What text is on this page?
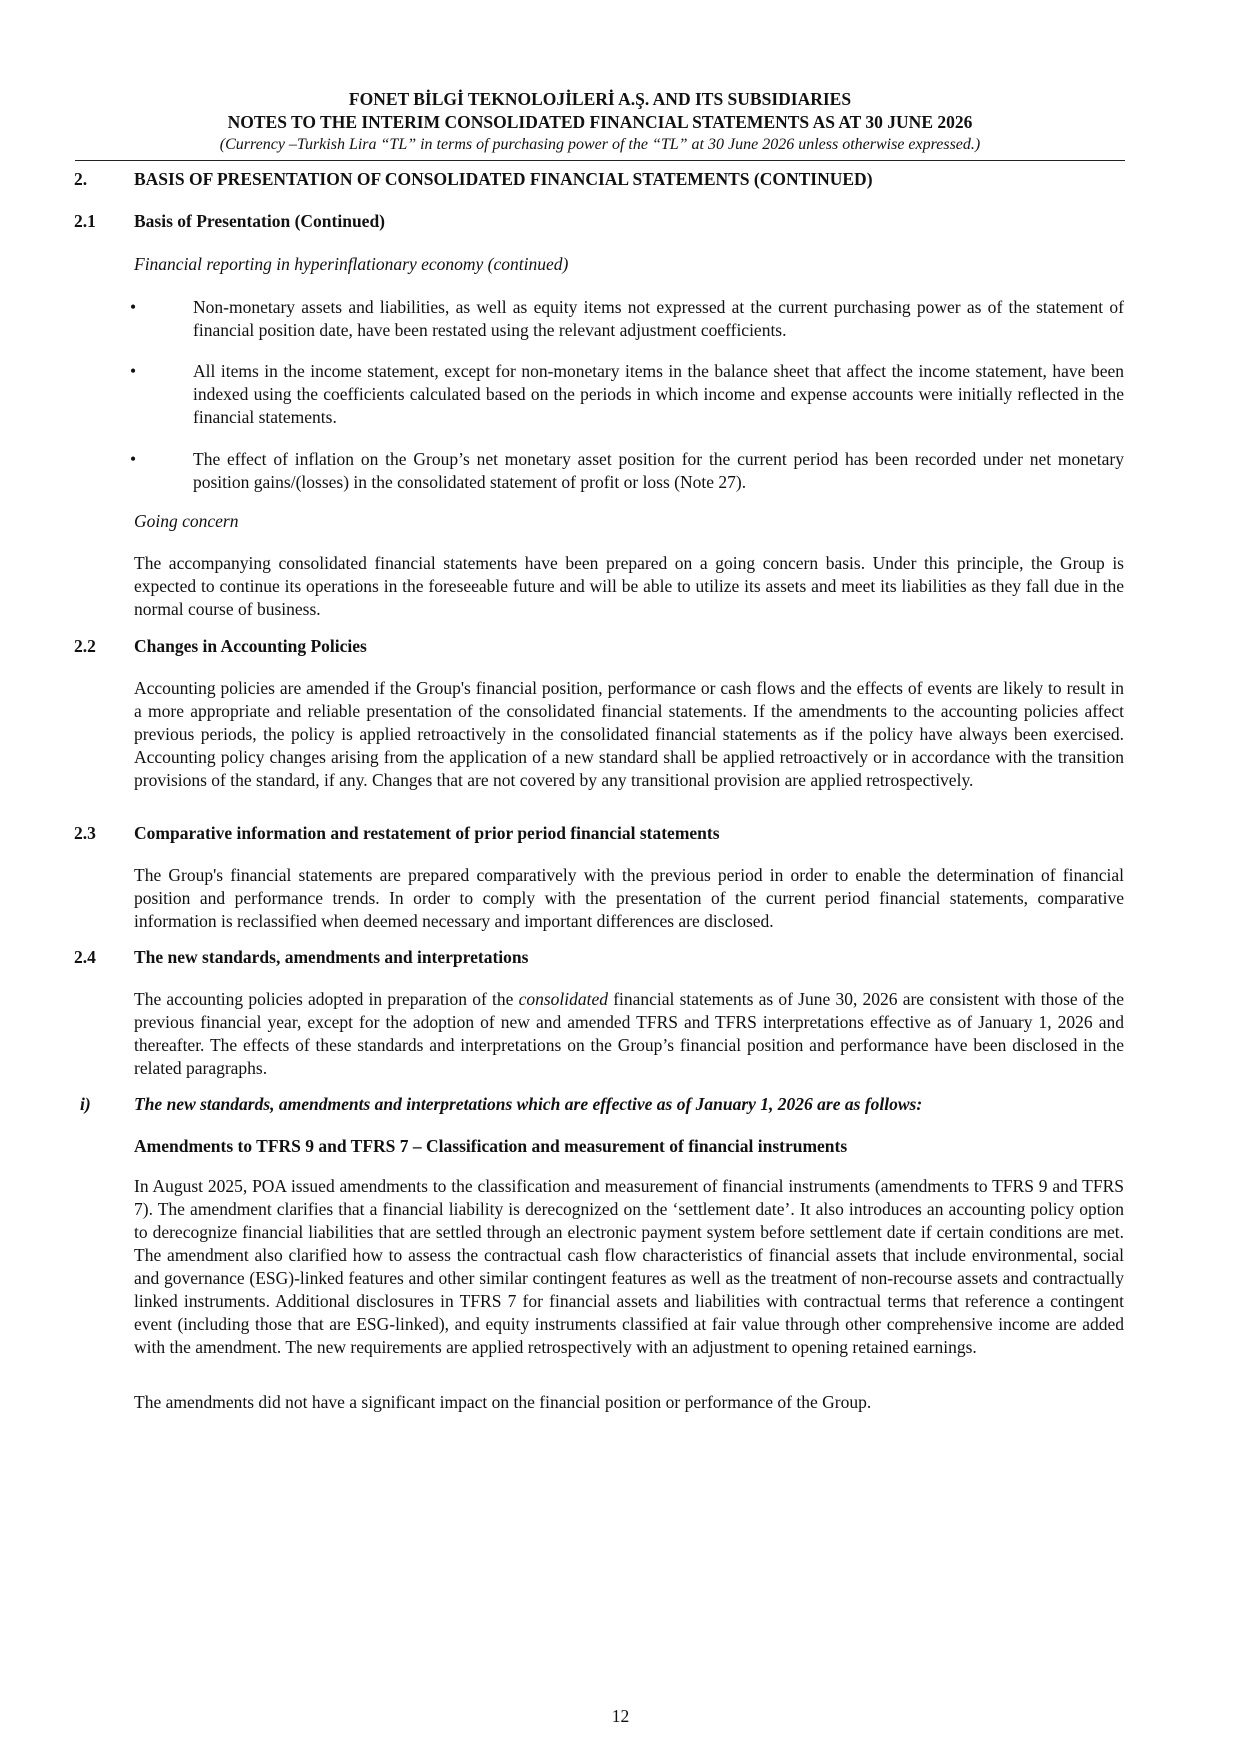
FONET BİLGİ TEKNOLOJİLERİ A.Ş. AND ITS SUBSIDIARIES
NOTES TO THE INTERIM CONSOLIDATED FINANCIAL STATEMENTS AS AT 30 JUNE 2026
(Currency –Turkish Lira “TL” in terms of purchasing power of the “TL” at 30 June 2026 unless otherwise expressed.)
2.	BASIS OF PRESENTATION OF CONSOLIDATED FINANCIAL STATEMENTS (CONTINUED)
2.1 Basis of Presentation (Continued)
Financial reporting in hyperinflationary economy (continued)
•	Non-monetary assets and liabilities, as well as equity items not expressed at the current purchasing power as of the statement of financial position date, have been restated using the relevant adjustment coefficients.

•	All items in the income statement, except for non-monetary items in the balance sheet that affect the income statement, have been indexed using the coefficients calculated based on the periods in which income and expense accounts were initially reflected in the financial statements.

•	The effect of inflation on the Group’s net monetary asset position for the current period has been recorded under net monetary position gains/(losses) in the consolidated statement of profit or loss (Note 27).

Going concern

The accompanying consolidated financial statements have been prepared on a going concern basis. Under this principle, the Group is expected to continue its operations in the foreseeable future and will be able to utilize its assets and meet its liabilities as they fall due in the normal course of business.

2.2 Changes in Accounting Policies

Accounting policies are amended if the Group's financial position, performance or cash flows and the effects of events are likely to result in a more appropriate and reliable presentation of the consolidated financial statements. If the amendments to the accounting policies affect previous periods, the policy is applied retroactively in the consolidated financial statements as if the policy have always been exercised. Accounting policy changes arising from the application of a new standard shall be applied retroactively or in accordance with the transition provisions of the standard, if any. Changes that are not covered by any transitional provision are applied retrospectively.

2.3 Comparative information and restatement of prior period financial statements

The Group's financial statements are prepared comparatively with the previous period in order to enable the determination of financial position and performance trends. In order to comply with the presentation of the current period financial statements, comparative information is reclassified when deemed necessary and important differences are disclosed.

2.4 The new standards, amendments and interpretations

The accounting policies adopted in preparation of the consolidated financial statements as of June 30, 2026 are consistent with those of the previous financial year, except for the adoption of new and amended TFRS and TFRS interpretations effective as of January 1, 2026 and thereafter. The effects of these standards and interpretations on the Group’s financial position and performance have been disclosed in the related paragraphs.

i) The new standards, amendments and interpretations which are effective as of January 1, 2026 are as follows:
Amendments to TFRS 9 and TFRS 7 – Classification and measurement of financial instruments

In August 2025, POA issued amendments to the classification and measurement of financial instruments (amendments to TFRS 9 and TFRS 7). The amendment clarifies that a financial liability is derecognized on the ‘settlement date’. It also introduces an accounting policy option to derecognize financial liabilities that are settled through an electronic payment system before settlement date if certain conditions are met. The amendment also clarified how to assess the contractual cash flow characteristics of financial assets that include environmental, social and governance (ESG)-linked features and other similar contingent features as well as the treatment of non-recourse assets and contractually linked instruments. Additional disclosures in TFRS 7 for financial assets and liabilities with contractual terms that reference a contingent event (including those that are ESG-linked), and equity instruments classified at fair value through other comprehensive income are added with the amendment. The new requirements are applied retrospectively with an adjustment to opening retained earnings.

The amendments did not have a significant impact on the financial position or performance of the Group.

12
